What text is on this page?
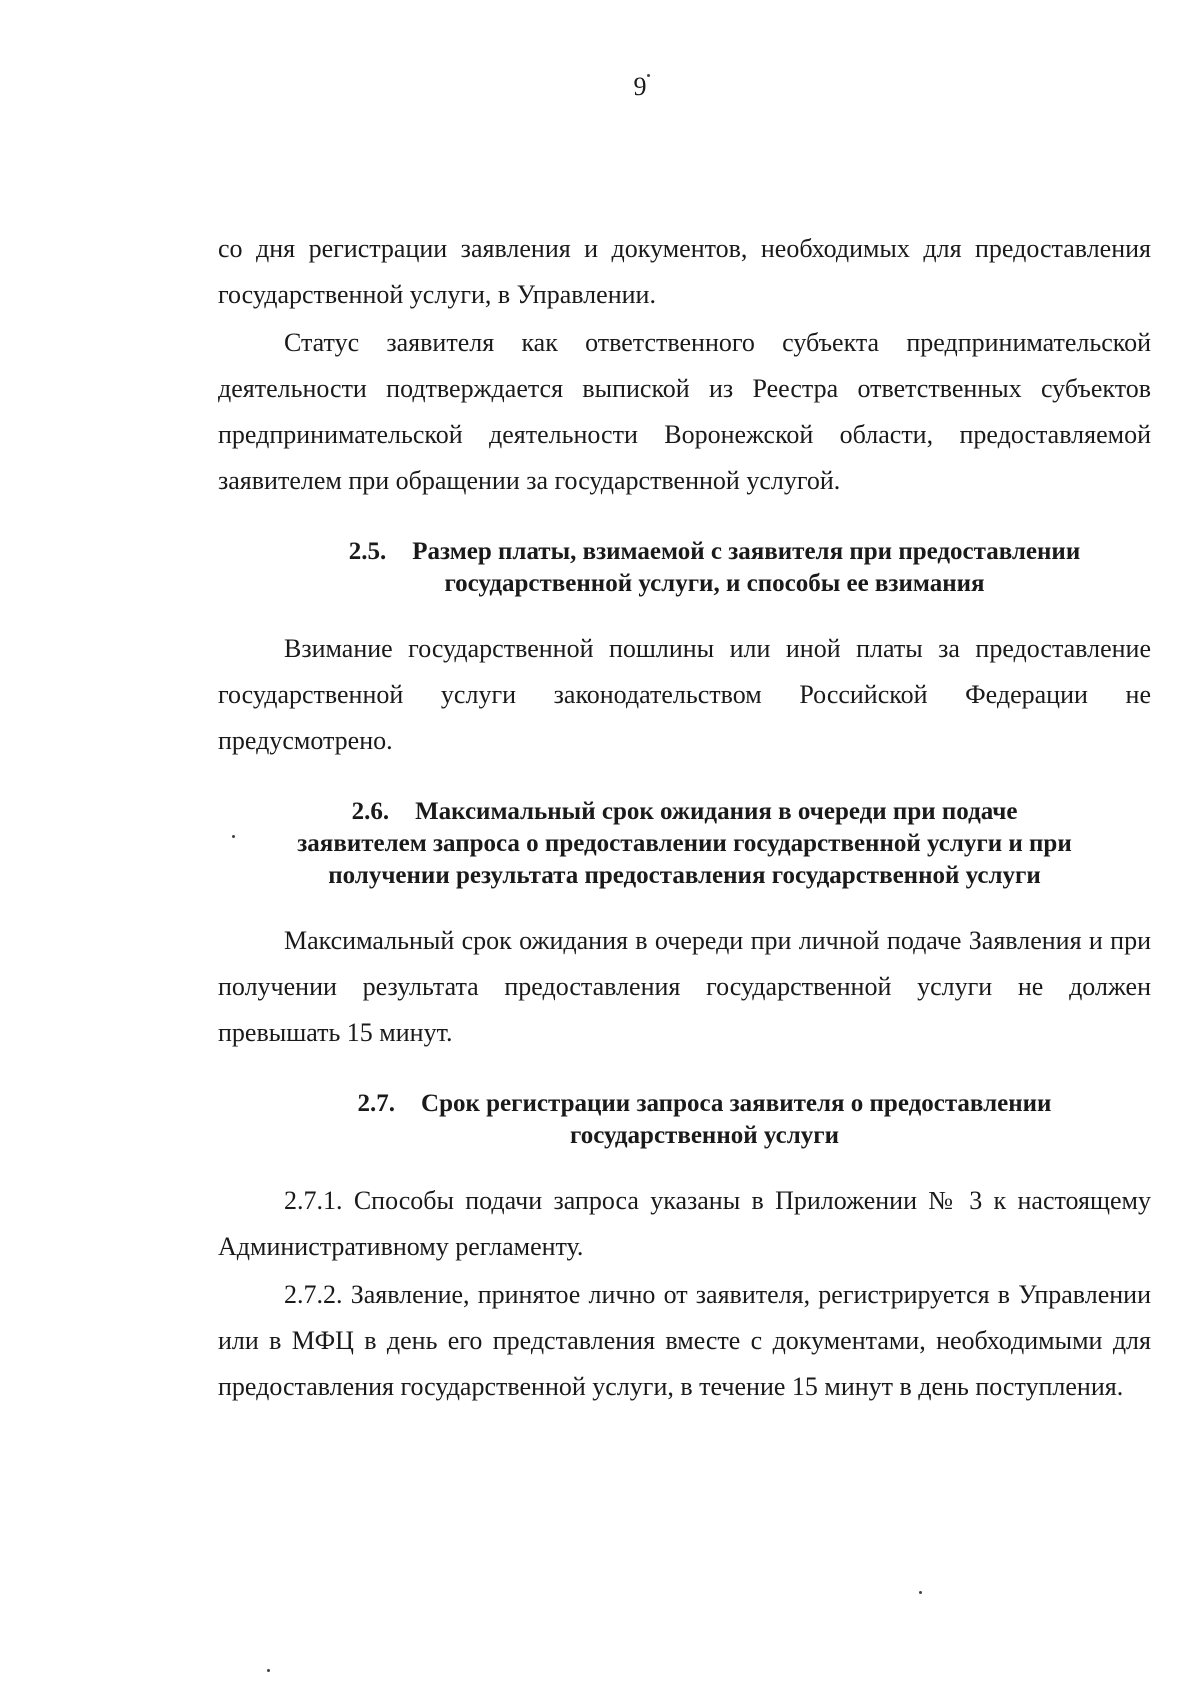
9

со дня регистрации заявления и документов, необходимых для предоставления государственной услуги, в Управлении.

Статус заявителя как ответственного субъекта предпринимательской деятельности подтверждается выпиской из Реестра ответственных субъектов предпринимательской деятельности Воронежской области, предоставляемой заявителем при обращении за государственной услугой.

2.5. Размер платы, взимаемой с заявителя при предоставлении
государственной услуги, и способы ее взимания

Взимание государственной пошлины или иной платы за предоставление государственной услуги законодательством Российской Федерации не предусмотрено.

2.6. Максимальный срок ожидания в очереди при подаче
заявителем запроса о предоставлении государственной услуги и при
получении результата предоставления государственной услуги

Максимальный срок ожидания в очереди при личной подаче Заявления и при получении результата предоставления государственной услуги не должен превышать 15 минут.

2.7. Срок регистрации запроса заявителя о предоставлении
государственной услуги

2.7.1. Способы подачи запроса указаны в Приложении № 3 к настоящему Административному регламенту.

2.7.2. Заявление, принятое лично от заявителя, регистрируется в Управлении или в МФЦ в день его представления вместе с документами, необходимыми для предоставления государственной услуги, в течение 15 минут в день поступления.
